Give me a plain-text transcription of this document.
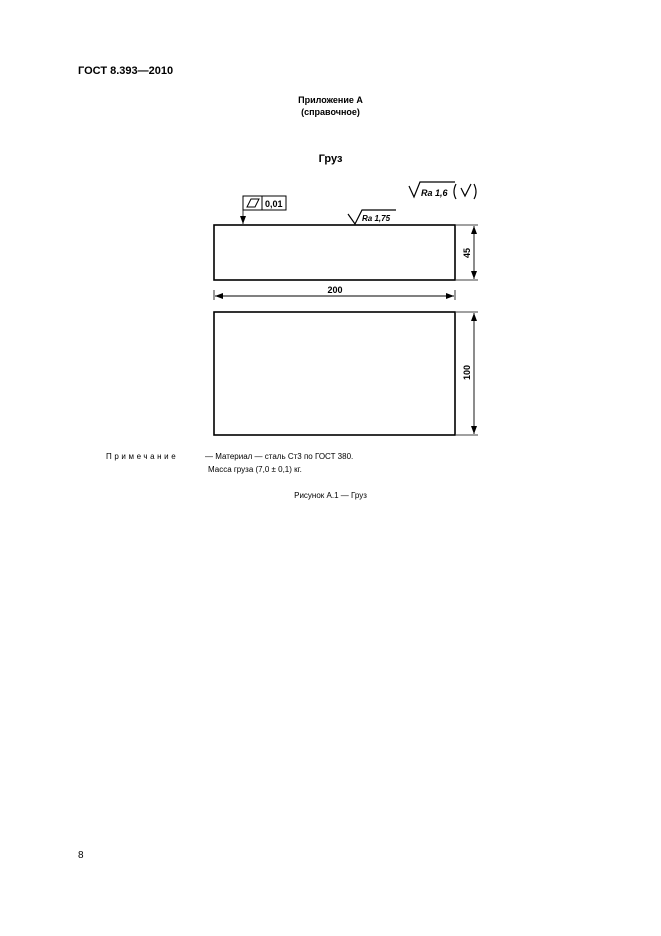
ГОСТ 8.393—2010
Приложение А
(справочное)
Груз
0,01
Ra 1,6
Ra 1,75
45
200
100
Примечание	— Материал — сталь Ст3 по ГОСТ 380.
Масса груза (7,0 ± 0,1) кг.
Рисунок А.1 — Груз
8
